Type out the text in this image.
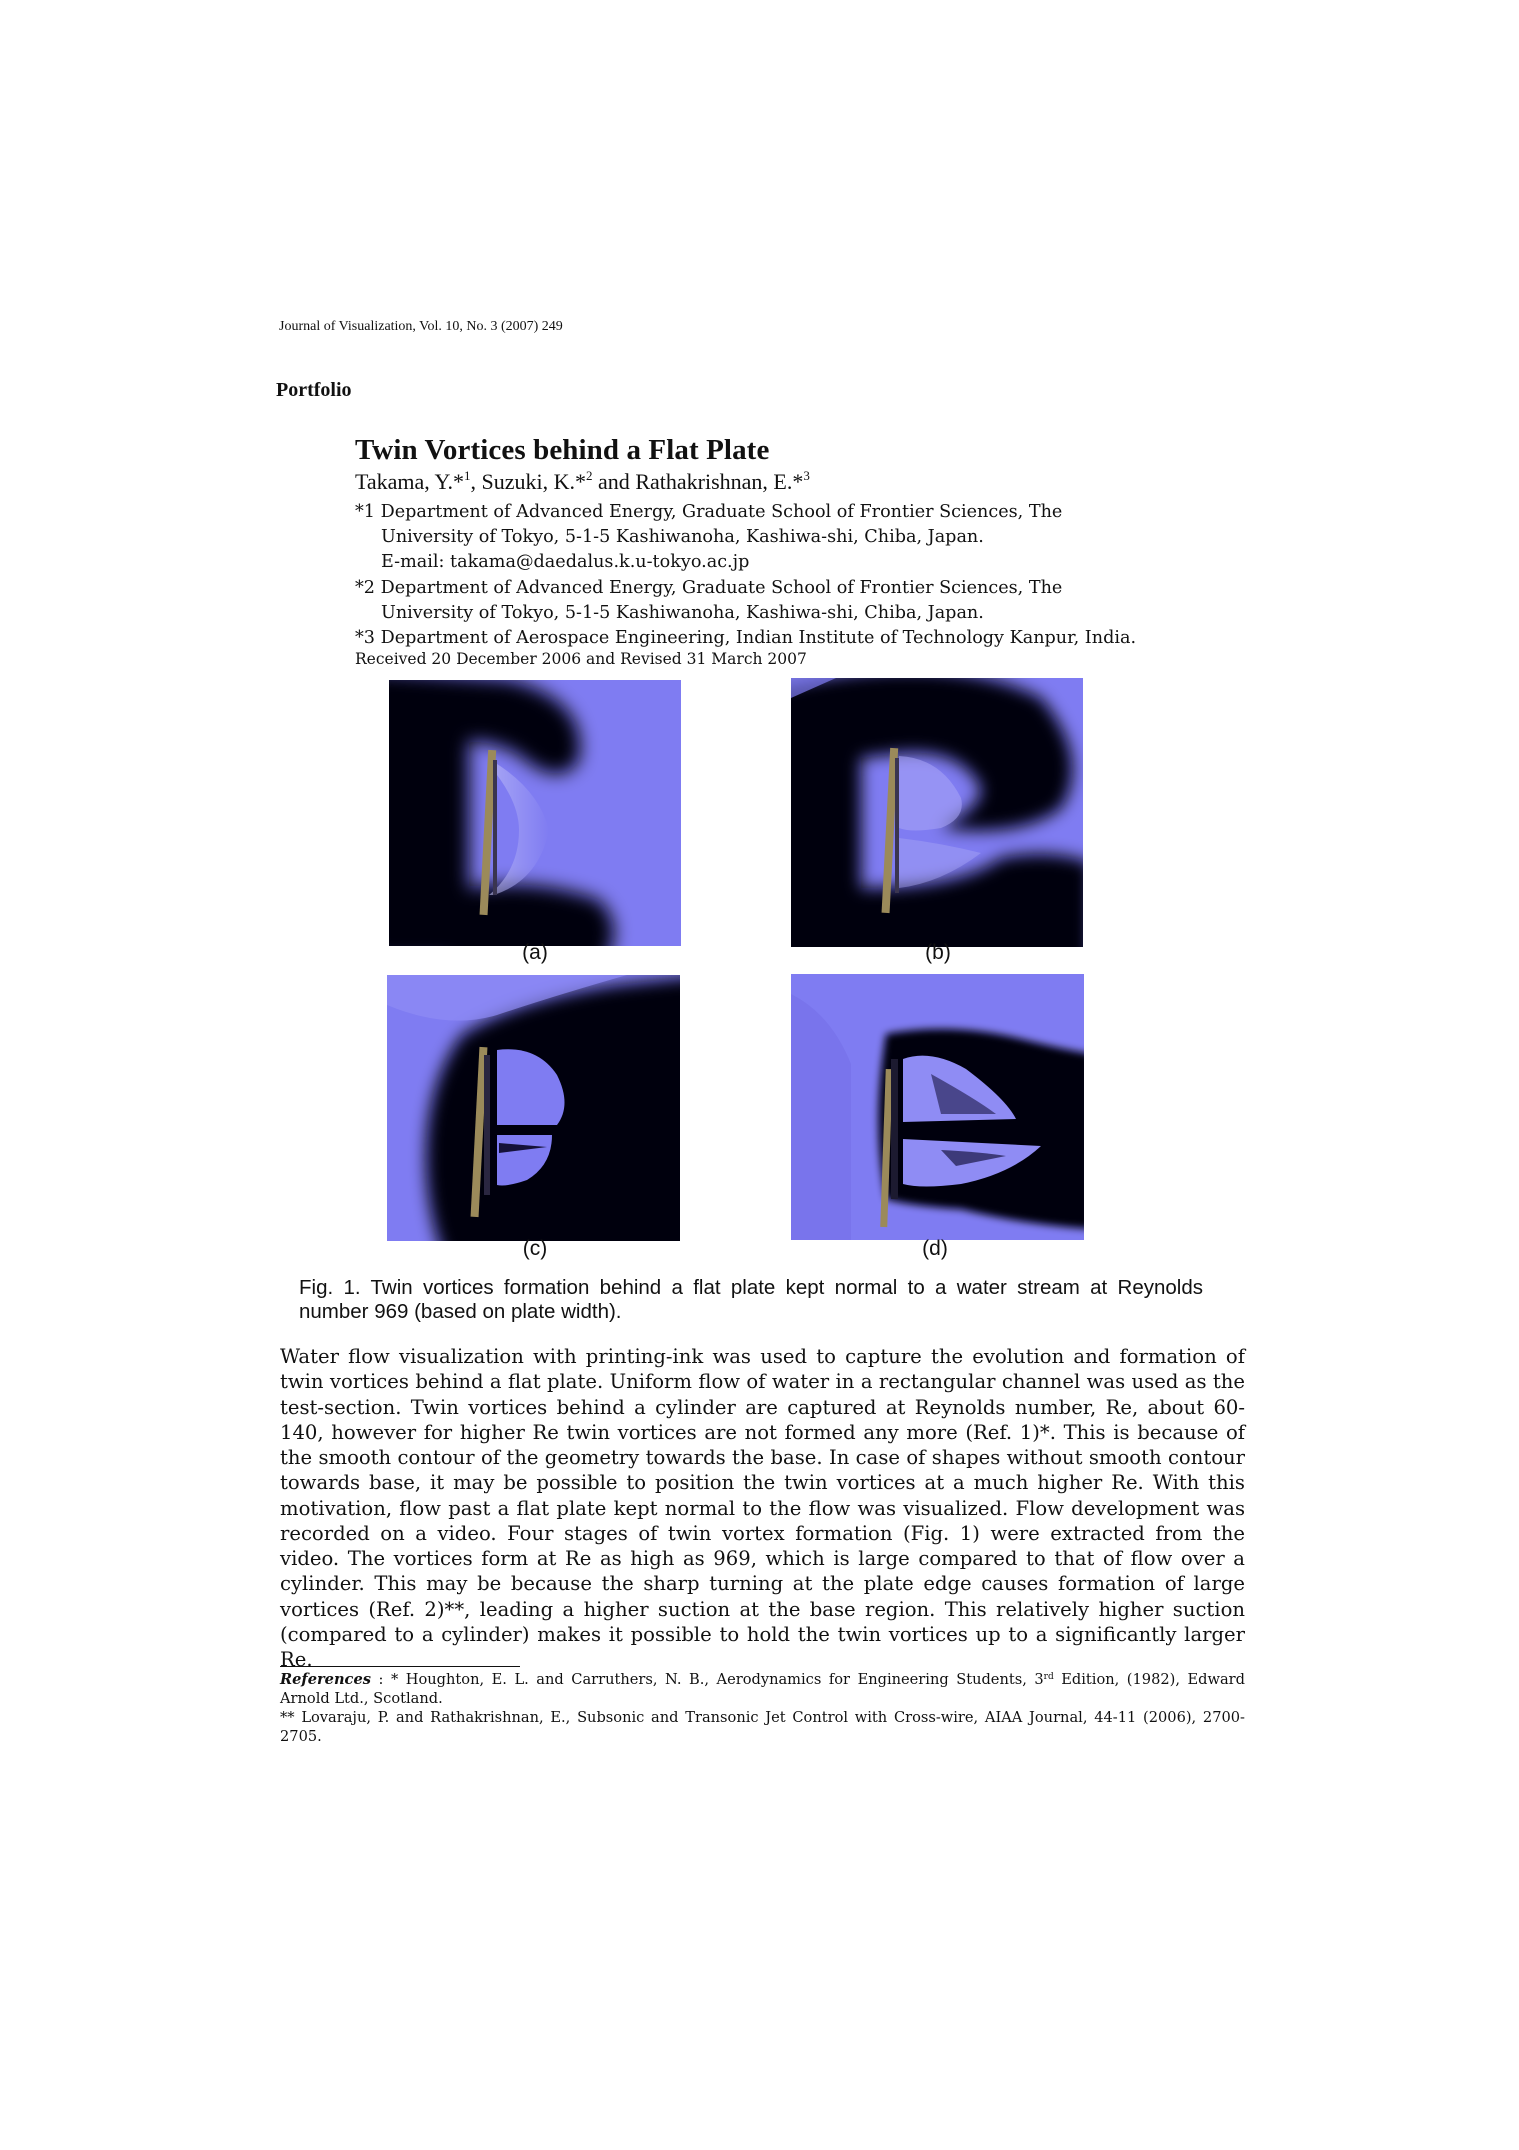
Journal of Visualization, Vol. 10, No. 3 (2007) 249
Portfolio
Twin Vortices behind a Flat Plate
Takama, Y.*$^1$, Suzuki, K.*$^2$ and Rathakrishnan, E.*$^3$
*1 Department of Advanced Energy, Graduate School of Frontier Sciences, The
University of Tokyo, 5-1-5 Kashiwanoha, Kashiwa-shi, Chiba, Japan.
E-mail: takama@daedalus.k.u-tokyo.ac.jp
*2 Department of Advanced Energy, Graduate School of Frontier Sciences, The
University of Tokyo, 5-1-5 Kashiwanoha, Kashiwa-shi, Chiba, Japan.
*3 Department of Aerospace Engineering, Indian Institute of Technology Kanpur, India.
Received 20 December 2006 and Revised 31 March 2007
(a)	(b)
(c)	(d)
Fig. 1. Twin vortices formation behind a flat plate kept normal to a water stream at Reynolds number 969 (based on plate width).
Water flow visualization with printing-ink was used to capture the evolution and formation of twin vortices behind a flat plate. Uniform flow of water in a rectangular channel was used as the test-section. Twin vortices behind a cylinder are captured at Reynolds number, Re, about 60-140, however for higher Re twin vortices are not formed any more (Ref. 1)*. This is because of the smooth contour of the geometry towards the base. In case of shapes without smooth contour towards base, it may be possible to position the twin vortices at a much higher Re. With this motivation, flow past a flat plate kept normal to the flow was visualized. Flow development was recorded on a video. Four stages of twin vortex formation (Fig. 1) were extracted from the video. The vortices form at Re as high as 969, which is large compared to that of flow over a cylinder. This may be because the sharp turning at the plate edge causes formation of large vortices (Ref. 2)**, leading a higher suction at the base region. This relatively higher suction (compared to a cylinder) makes it possible to hold the twin vortices up to a significantly larger Re.
References : * Houghton, E. L. and Carruthers, N. B., Aerodynamics for Engineering Students, 3rd Edition, (1982), Edward Arnold Ltd., Scotland.
** Lovaraju, P. and Rathakrishnan, E., Subsonic and Transonic Jet Control with Cross-wire, AIAA Journal, 44-11 (2006), 2700-2705.
